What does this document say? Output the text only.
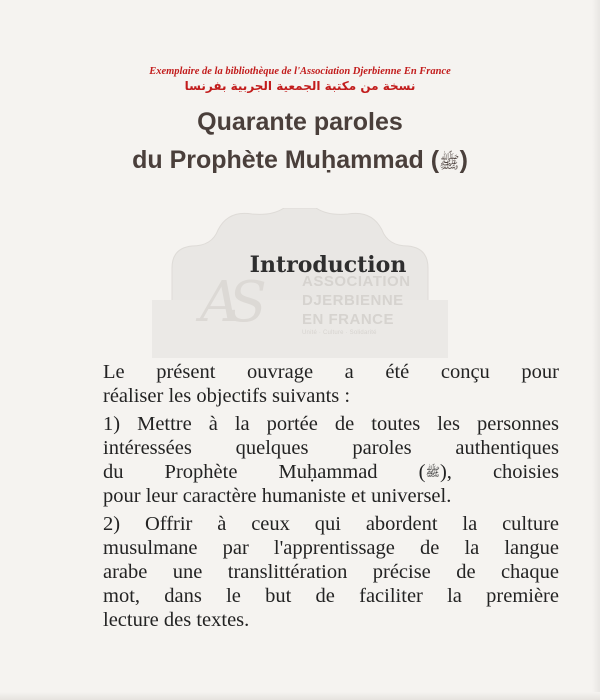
Exemplaire de la bibliothèque de l'Association Djerbienne En France
نسخة من مكتبة الجمعية الجربية بفرنسا
Quarante paroles
du Prophète Muḥammad (ﷺ)
Introduction
AS	ASSOCIATION
DJERBIENNE
EN FRANCE
Unité · Culture · Solidarité

Le présent ouvrage a été conçu pour
réaliser les objectifs suivants :

1) Mettre à la portée de toutes les personnes
intéressées quelques paroles authentiques
du Prophète Muḥammad (ﷺ), choisies
pour leur caractère humaniste et universel.

2) Offrir à ceux qui abordent la culture
musulmane par l'apprentissage de la langue
arabe une translittération précise de chaque
mot, dans le but de faciliter la première
lecture des textes.
